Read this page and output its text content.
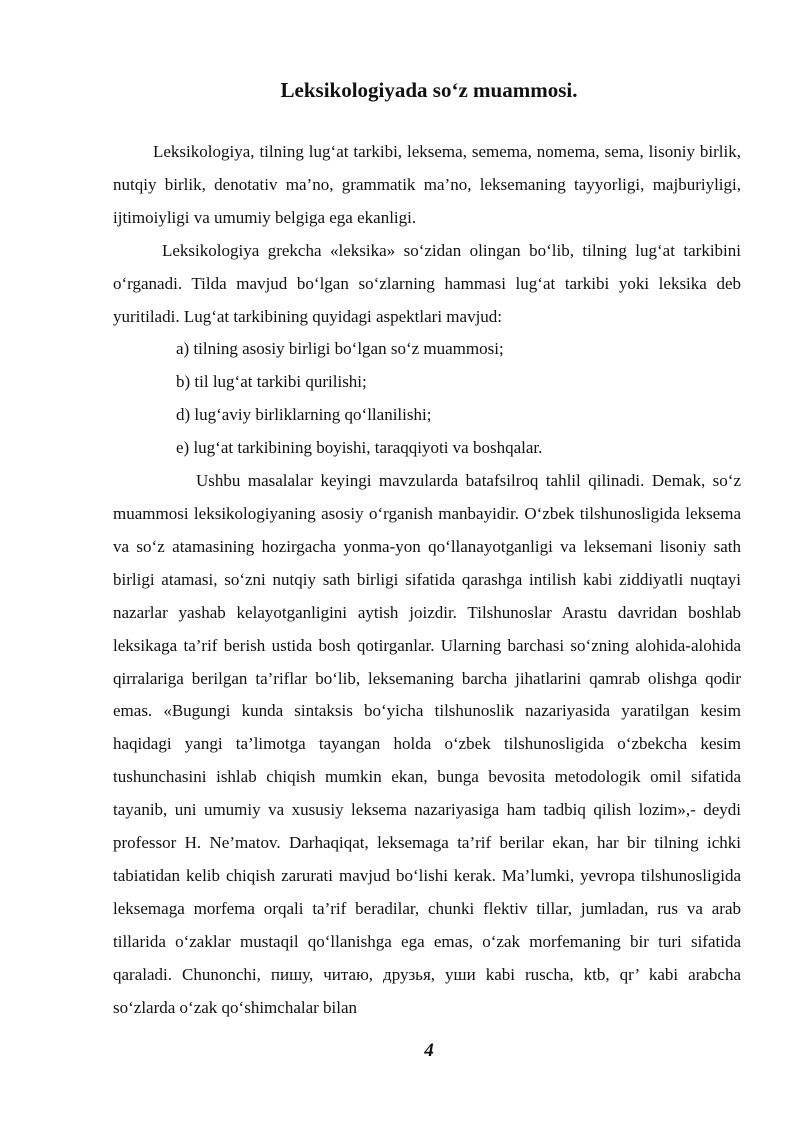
Leksikologiyada so‘z muammosi.

Leksikologiya, tilning lug‘at tarkibi, leksema, semema, nomema, sema, lisoniy birlik, nutqiy birlik, denotativ ma’no, grammatik ma’no, leksemaning tayyorligi, majburiyligi, ijtimoiyligi va umumiy belgiga ega ekanligi.

Leksikologiya grekcha «leksika» so‘zidan olingan bo‘lib, tilning lug‘at tarkibini o‘rganadi. Tilda mavjud bo‘lgan so‘zlarning hammasi lug‘at tarkibi yoki leksika deb yuritiladi. Lug‘at tarkibining quyidagi aspektlari mavjud:

a) tilning asosiy birligi bo‘lgan so‘z muammosi;

b) til lug‘at tarkibi qurilishi;

d) lug‘aviy birliklarning qo‘llanilishi;

e) lug‘at tarkibining boyishi, taraqqiyoti va boshqalar.

Ushbu masalalar keyingi mavzularda batafsilroq tahlil qilinadi. Demak, so‘z muammosi leksikologiyaning asosiy o‘rganish manbayidir. O‘zbek tilshunosligida leksema va so‘z atamasining hozirgacha yonma-yon qo‘llanayotganligi va leksemani lisoniy sath birligi atamasi, so‘zni nutqiy sath birligi sifatida qarashga intilish kabi ziddiyatli nuqtayi nazarlar yashab kelayotganligini aytish joizdir. Tilshunoslar Arastu davridan boshlab leksikaga ta’rif berish ustida bosh qotirganlar. Ularning barchasi so‘zning alohida-alohida qirralariga berilgan ta’riflar bo‘lib, leksemaning barcha jihatlarini qamrab olishga qodir emas. «Bugungi kunda sintaksis bo‘yicha tilshunoslik nazariyasida yaratilgan kesim haqidagi yangi ta’limotga tayangan holda o‘zbek tilshunosligida o‘zbekcha kesim tushunchasini ishlab chiqish mumkin ekan, bunga bevosita metodologik omil sifatida tayanib, uni umumiy va xususiy leksema nazariyasiga ham tadbiq qilish lozim»,- deydi professor H. Ne’matov. Darhaqiqat, leksemaga ta’rif berilar ekan, har bir tilning ichki tabiatidan kelib chiqish zarurati mavjud bo‘lishi kerak. Ma’lumki, yevropa tilshunosligida leksemaga morfema orqali ta’rif beradilar, chunki flektiv tillar, jumladan, rus va arab tillarida o‘zaklar mustaqil qo‘llanishga ega emas, o‘zak morfemaning bir turi sifatida qaraladi. Chunonchi, пишу, читаю, друзья, уши kabi ruscha, ktb, qr’ kabi arabcha so‘zlarda o‘zak qo‘shimchalar bilan

4
